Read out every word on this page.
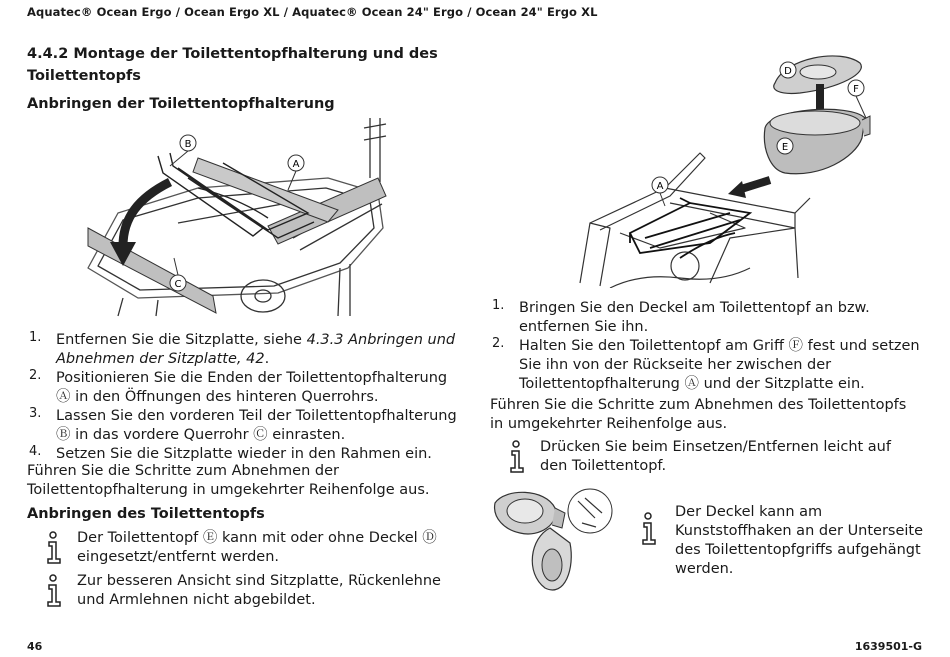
Aquatec® Ocean Ergo / Ocean Ergo XL / Aquatec® Ocean 24" Ergo / Ocean 24" Ergo XL
4.4.2 Montage der Toilettentopfhalterung und des
Toilettentopfs
Anbringen der Toilettentopfhalterung
B
A
C
1. Entfernen Sie die Sitzplatte, siehe 4.3.3 Anbringen und Abnehmen der Sitzplatte, 42.
2. Positionieren Sie die Enden der Toilettentopfhalterung Ⓐ in den Öffnungen des hinteren Querrohrs.
3. Lassen Sie den vorderen Teil der Toilettentopfhalterung Ⓑ in das vordere Querrohr Ⓒ einrasten.
4. Setzen Sie die Sitzplatte wieder in den Rahmen ein.
Führen Sie die Schritte zum Abnehmen der Toilettentopfhalterung in umgekehrter Reihenfolge aus.
Anbringen des Toilettentopfs
Der Toilettentopf Ⓔ kann mit oder ohne Deckel Ⓓ eingesetzt/entfernt werden.
Zur besseren Ansicht sind Sitzplatte, Rückenlehne und Armlehnen nicht abgebildet.
D
F
E
A
1. Bringen Sie den Deckel am Toilettentopf an bzw. entfernen Sie ihn.
2. Halten Sie den Toilettentopf am Griff Ⓕ fest und setzen Sie ihn von der Rückseite her zwischen der Toilettentopfhalterung Ⓐ und der Sitzplatte ein.
Führen Sie die Schritte zum Abnehmen des Toilettentopfs in umgekehrter Reihenfolge aus.
Drücken Sie beim Einsetzen/Entfernen leicht auf den Toilettentopf.
Der Deckel kann am Kunststoffhaken an der Unterseite des Toilettentopfgriffs aufgehängt werden.
46	1639501-G
